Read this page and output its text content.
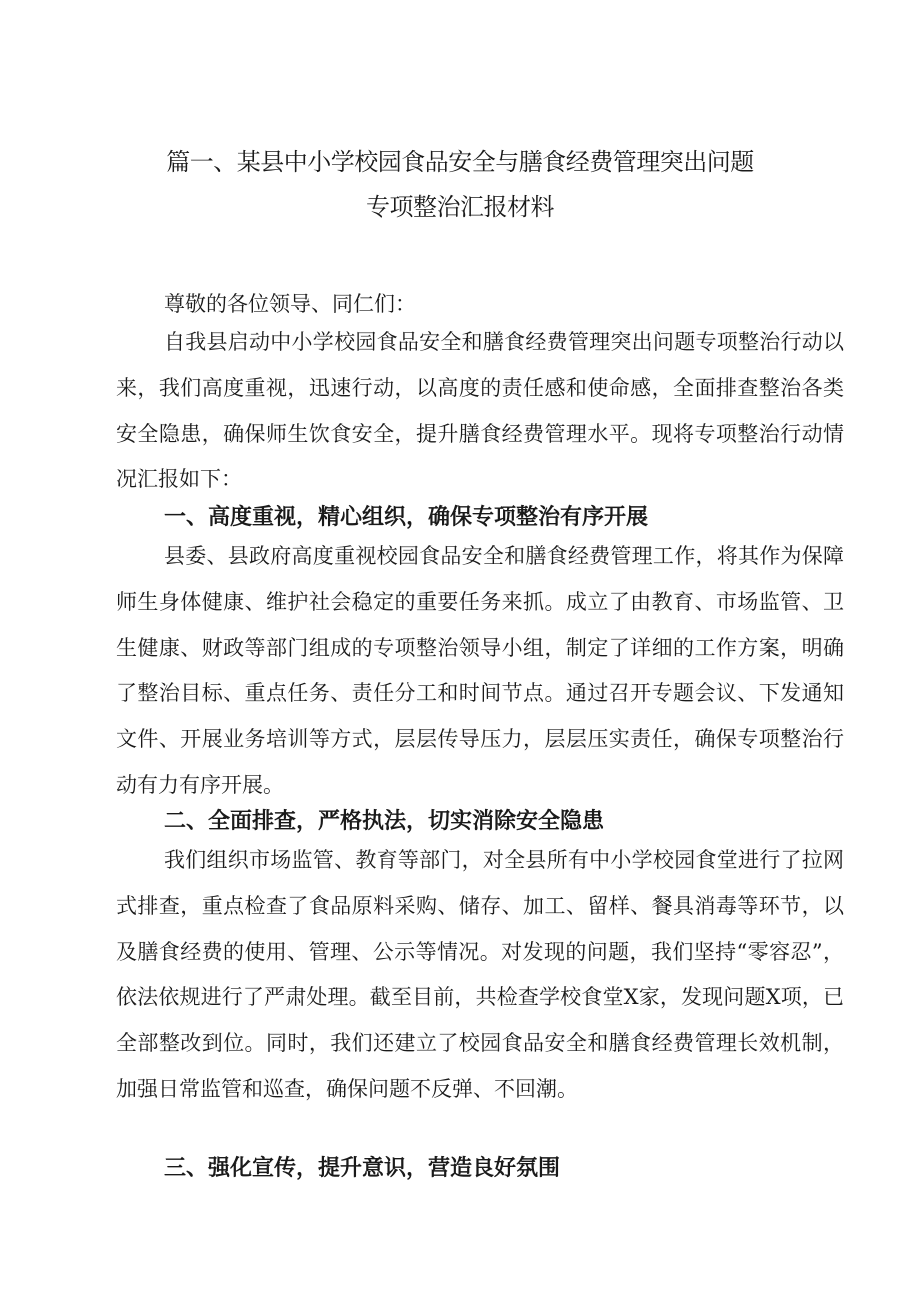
篇一、某县中小学校园食品安全与膳食经费管理突出问题
专项整治汇报材料

尊敬的各位领导、同仁们：

自我县启动中小学校园食品安全和膳食经费管理突出问题专项整治行动以来，我们高度重视，迅速行动，以高度的责任感和使命感，全面排查整治各类安全隐患，确保师生饮食安全，提升膳食经费管理水平。现将专项整治行动情况汇报如下：

一、高度重视，精心组织，确保专项整治有序开展

县委、县政府高度重视校园食品安全和膳食经费管理工作，将其作为保障师生身体健康、维护社会稳定的重要任务来抓。成立了由教育、市场监管、卫生健康、财政等部门组成的专项整治领导小组，制定了详细的工作方案，明确了整治目标、重点任务、责任分工和时间节点。通过召开专题会议、下发通知文件、开展业务培训等方式，层层传导压力，层层压实责任，确保专项整治行动有力有序开展。

二、全面排查，严格执法，切实消除安全隐患

我们组织市场监管、教育等部门，对全县所有中小学校园食堂进行了拉网式排查，重点检查了食品原料采购、储存、加工、留样、餐具消毒等环节，以及膳食经费的使用、管理、公示等情况。对发现的问题，我们坚持“零容忍”，依法依规进行了严肃处理。截至目前，共检查学校食堂X家，发现问题X项，已全部整改到位。同时，我们还建立了校园食品安全和膳食经费管理长效机制，加强日常监管和巡查，确保问题不反弹、不回潮。

三、强化宣传，提升意识，营造良好氛围
